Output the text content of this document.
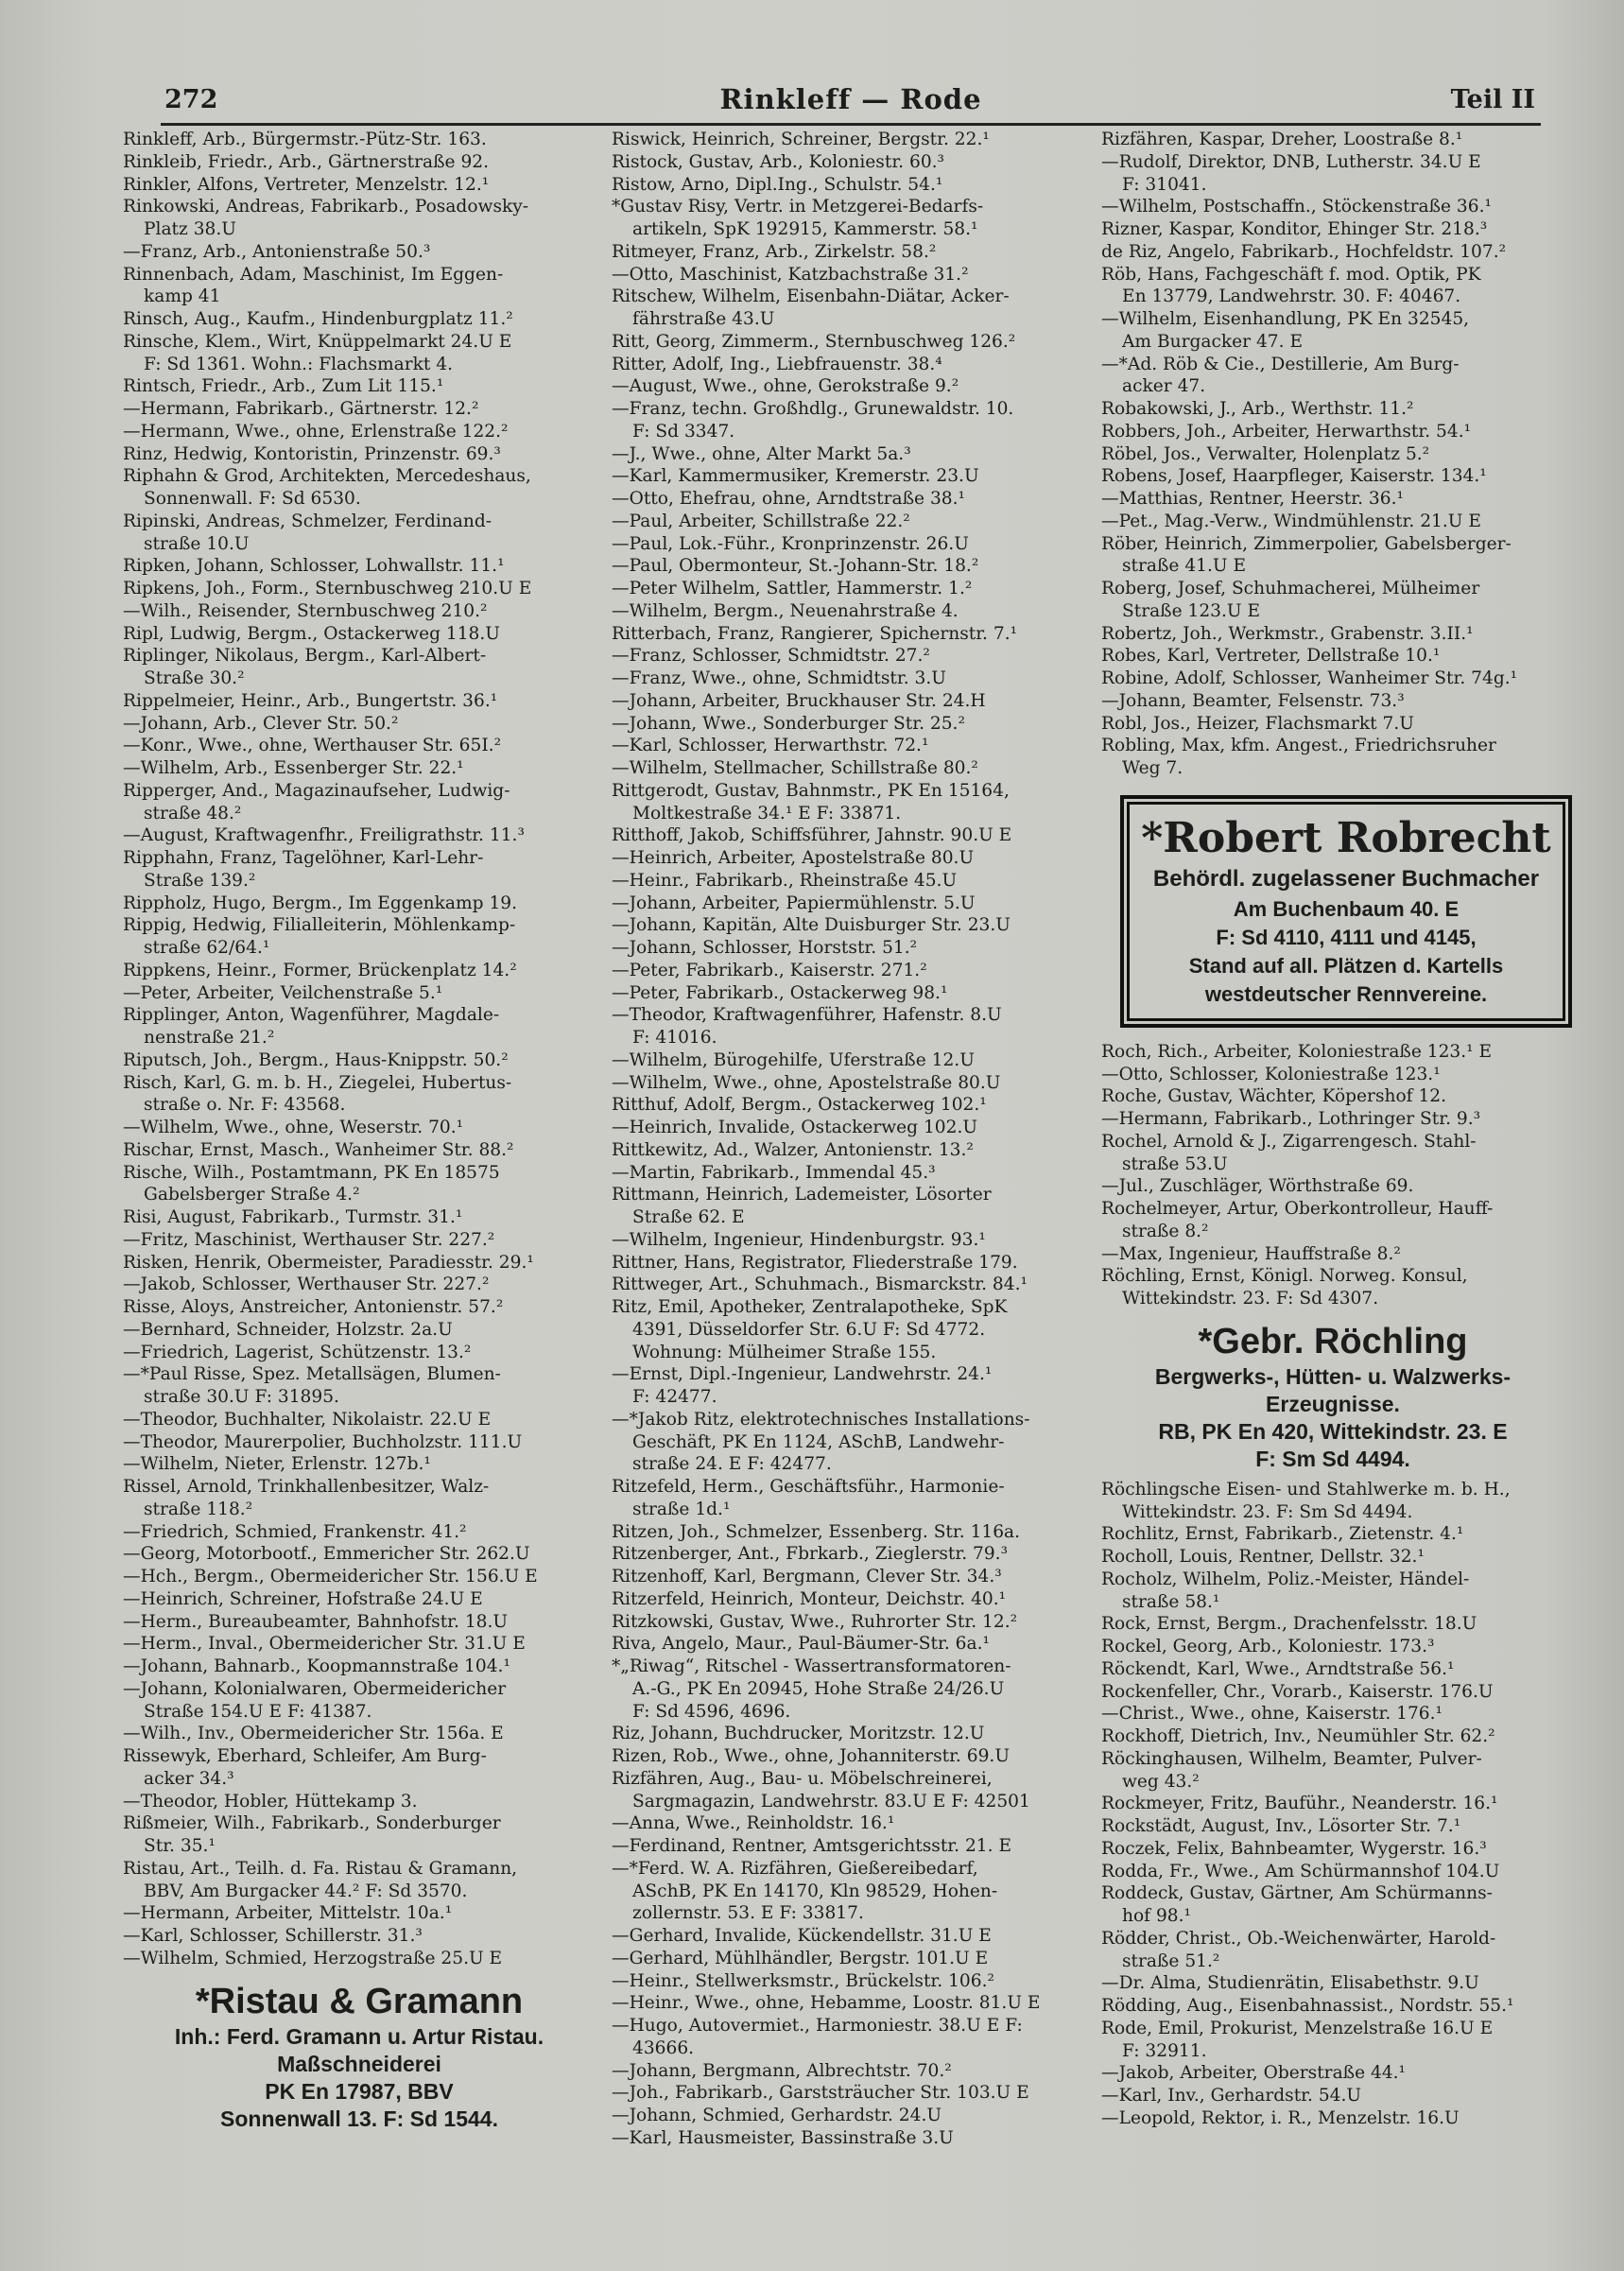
272	Rinkleff — Rode	Teil II
Rinkleff, Arb., Bürgermstr.-Pütz-Str. 163.
Rinkleib, Friedr., Arb., Gärtnerstraße 92.
Rinkler, Alfons, Vertreter, Menzelstr. 12.¹
Rinkowski, Andreas, Fabrikarb., Posadowsky-
Platz 38.U
—Franz, Arb., Antonienstraße 50.³
Rinnenbach, Adam, Maschinist, Im Eggen-
kamp 41
Rinsch, Aug., Kaufm., Hindenburgplatz 11.²
Rinsche, Klem., Wirt, Knüppelmarkt 24.U E
F: Sd 1361. Wohn.: Flachsmarkt 4.
Rintsch, Friedr., Arb., Zum Lit 115.¹
—Hermann, Fabrikarb., Gärtnerstr. 12.²
—Hermann, Wwe., ohne, Erlenstraße 122.²
Rinz, Hedwig, Kontoristin, Prinzenstr. 69.³
Riphahn & Grod, Architekten, Mercedeshaus,
Sonnenwall. F: Sd 6530.
Ripinski, Andreas, Schmelzer, Ferdinand-
straße 10.U
Ripken, Johann, Schlosser, Lohwallstr. 11.¹
Ripkens, Joh., Form., Sternbuschweg 210.U E
—Wilh., Reisender, Sternbuschweg 210.²
Ripl, Ludwig, Bergm., Ostackerweg 118.U
Riplinger, Nikolaus, Bergm., Karl-Albert-
Straße 30.²
Rippelmeier, Heinr., Arb., Bungertstr. 36.¹
—Johann, Arb., Clever Str. 50.²
—Konr., Wwe., ohne, Werthauser Str. 65I.²
—Wilhelm, Arb., Essenberger Str. 22.¹
Ripperger, And., Magazinaufseher, Ludwig-
straße 48.²
—August, Kraftwagenfhr., Freiligrathstr. 11.³
Ripphahn, Franz, Tagelöhner, Karl-Lehr-
Straße 139.²
Rippholz, Hugo, Bergm., Im Eggenkamp 19.
Rippig, Hedwig, Filialleiterin, Möhlenkamp-
straße 62/64.¹
Rippkens, Heinr., Former, Brückenplatz 14.²
—Peter, Arbeiter, Veilchenstraße 5.¹
Ripplinger, Anton, Wagenführer, Magdale-
nenstraße 21.²
Riputsch, Joh., Bergm., Haus-Knippstr. 50.²
Risch, Karl, G. m. b. H., Ziegelei, Hubertus-
straße o. Nr. F: 43568.
—Wilhelm, Wwe., ohne, Weserstr. 70.¹
Rischar, Ernst, Masch., Wanheimer Str. 88.²
Rische, Wilh., Postamtmann, PK En 18575
Gabelsberger Straße 4.²
Risi, August, Fabrikarb., Turmstr. 31.¹
—Fritz, Maschinist, Werthauser Str. 227.²
Risken, Henrik, Obermeister, Paradiesstr. 29.¹
—Jakob, Schlosser, Werthauser Str. 227.²
Risse, Aloys, Anstreicher, Antonienstr. 57.²
—Bernhard, Schneider, Holzstr. 2a.U
—Friedrich, Lagerist, Schützenstr. 13.²
—*Paul Risse, Spez. Metallsägen, Blumen-
straße 30.U F: 31895.
—Theodor, Buchhalter, Nikolaistr. 22.U E
—Theodor, Maurerpolier, Buchholzstr. 111.U
—Wilhelm, Nieter, Erlenstr. 127b.¹
Rissel, Arnold, Trinkhallenbesitzer, Walz-
straße 118.²
—Friedrich, Schmied, Frankenstr. 41.²
—Georg, Motorbootf., Emmericher Str. 262.U
—Hch., Bergm., Obermeidericher Str. 156.U E
—Heinrich, Schreiner, Hofstraße 24.U E
—Herm., Bureaubeamter, Bahnhofstr. 18.U
—Herm., Inval., Obermeidericher Str. 31.U E
—Johann, Bahnarb., Koopmannstraße 104.¹
—Johann, Kolonialwaren, Obermeidericher
Straße 154.U E F: 41387.
—Wilh., Inv., Obermeidericher Str. 156a. E
Rissewyk, Eberhard, Schleifer, Am Burg-
acker 34.³
—Theodor, Hobler, Hüttekamp 3.
Rißmeier, Wilh., Fabrikarb., Sonderburger
Str. 35.¹
Ristau, Art., Teilh. d. Fa. Ristau & Gramann,
BBV, Am Burgacker 44.² F: Sd 3570.
—Hermann, Arbeiter, Mittelstr. 10a.¹
—Karl, Schlosser, Schillerstr. 31.³
—Wilhelm, Schmied, Herzogstraße 25.U E
*Ristau & Gramann
Inh.: Ferd. Gramann u. Artur Ristau.
Maßschneiderei
PK En 17987, BBV
Sonnenwall 13. F: Sd 1544.
Riswick, Heinrich, Schreiner, Bergstr. 22.¹
Ristock, Gustav, Arb., Koloniestr. 60.³
Ristow, Arno, Dipl.Ing., Schulstr. 54.¹
*Gustav Risy, Vertr. in Metzgerei-Bedarfs-
artikeln, SpK 192915, Kammerstr. 58.¹
Ritmeyer, Franz, Arb., Zirkelstr. 58.²
—Otto, Maschinist, Katzbachstraße 31.²
Ritschew, Wilhelm, Eisenbahn-Diätar, Acker-
fährstraße 43.U
Ritt, Georg, Zimmerm., Sternbuschweg 126.²
Ritter, Adolf, Ing., Liebfrauenstr. 38.⁴
—August, Wwe., ohne, Gerokstraße 9.²
—Franz, techn. Großhdlg., Grunewaldstr. 10.
F: Sd 3347.
—J., Wwe., ohne, Alter Markt 5a.³
—Karl, Kammermusiker, Kremerstr. 23.U
—Otto, Ehefrau, ohne, Arndtstraße 38.¹
—Paul, Arbeiter, Schillstraße 22.²
—Paul, Lok.-Führ., Kronprinzenstr. 26.U
—Paul, Obermonteur, St.-Johann-Str. 18.²
—Peter Wilhelm, Sattler, Hammerstr. 1.²
—Wilhelm, Bergm., Neuenahrstraße 4.
Ritterbach, Franz, Rangierer, Spichernstr. 7.¹
—Franz, Schlosser, Schmidtstr. 27.²
—Franz, Wwe., ohne, Schmidtstr. 3.U
—Johann, Arbeiter, Bruckhauser Str. 24.H
—Johann, Wwe., Sonderburger Str. 25.²
—Karl, Schlosser, Herwarthstr. 72.¹
—Wilhelm, Stellmacher, Schillstraße 80.²
Rittgerodt, Gustav, Bahnmstr., PK En 15164,
Moltkestraße 34.¹ E F: 33871.
Ritthoff, Jakob, Schiffsführer, Jahnstr. 90.U E
—Heinrich, Arbeiter, Apostelstraße 80.U
—Heinr., Fabrikarb., Rheinstraße 45.U
—Johann, Arbeiter, Papiermühlenstr. 5.U
—Johann, Kapitän, Alte Duisburger Str. 23.U
—Johann, Schlosser, Horststr. 51.²
—Peter, Fabrikarb., Kaiserstr. 271.²
—Peter, Fabrikarb., Ostackerweg 98.¹
—Theodor, Kraftwagenführer, Hafenstr. 8.U
F: 41016.
—Wilhelm, Bürogehilfe, Uferstraße 12.U
—Wilhelm, Wwe., ohne, Apostelstraße 80.U
Ritthuf, Adolf, Bergm., Ostackerweg 102.¹
—Heinrich, Invalide, Ostackerweg 102.U
Rittkewitz, Ad., Walzer, Antonienstr. 13.²
—Martin, Fabrikarb., Immendal 45.³
Rittmann, Heinrich, Lademeister, Lösorter
Straße 62. E
—Wilhelm, Ingenieur, Hindenburgstr. 93.¹
Rittner, Hans, Registrator, Fliederstraße 179.
Rittweger, Art., Schuhmach., Bismarckstr. 84.¹
Ritz, Emil, Apotheker, Zentralapotheke, SpK
4391, Düsseldorfer Str. 6.U F: Sd 4772.
Wohnung: Mülheimer Straße 155.
—Ernst, Dipl.-Ingenieur, Landwehrstr. 24.¹
F: 42477.
—*Jakob Ritz, elektrotechnisches Installations-
Geschäft, PK En 1124, ASchB, Landwehr-
straße 24. E F: 42477.
Ritzefeld, Herm., Geschäftsführ., Harmonie-
straße 1d.¹
Ritzen, Joh., Schmelzer, Essenberg. Str. 116a.
Ritzenberger, Ant., Fbrkarb., Zieglerstr. 79.³
Ritzenhoff, Karl, Bergmann, Clever Str. 34.³
Ritzerfeld, Heinrich, Monteur, Deichstr. 40.¹
Ritzkowski, Gustav, Wwe., Ruhrorter Str. 12.²
Riva, Angelo, Maur., Paul-Bäumer-Str. 6a.¹
*„Riwag“, Ritschel - Wassertransformatoren-
A.-G., PK En 20945, Hohe Straße 24/26.U
F: Sd 4596, 4696.
Riz, Johann, Buchdrucker, Moritzstr. 12.U
Rizen, Rob., Wwe., ohne, Johanniterstr. 69.U
Rizfähren, Aug., Bau- u. Möbelschreinerei,
Sargmagazin, Landwehrstr. 83.U E F: 42501
—Anna, Wwe., Reinholdstr. 16.¹
—Ferdinand, Rentner, Amtsgerichtsstr. 21. E
—*Ferd. W. A. Rizfähren, Gießereibedarf,
ASchB, PK En 14170, Kln 98529, Hohen-
zollernstr. 53. E F: 33817.
—Gerhard, Invalide, Kückendellstr. 31.U E
—Gerhard, Mühlhändler, Bergstr. 101.U E
—Heinr., Stellwerksmstr., Brückelstr. 106.²
—Heinr., Wwe., ohne, Hebamme, Loostr. 81.U E
—Hugo, Autovermiet., Harmoniestr. 38.U E F:
43666.
—Johann, Bergmann, Albrechtstr. 70.²
—Joh., Fabrikarb., Garststräucher Str. 103.U E
—Johann, Schmied, Gerhardstr. 24.U
—Karl, Hausmeister, Bassinstraße 3.U
Rizfähren, Kaspar, Dreher, Loostraße 8.¹
—Rudolf, Direktor, DNB, Lutherstr. 34.U E
F: 31041.
—Wilhelm, Postschaffn., Stöckenstraße 36.¹
Rizner, Kaspar, Konditor, Ehinger Str. 218.³
de Riz, Angelo, Fabrikarb., Hochfeldstr. 107.²
Röb, Hans, Fachgeschäft f. mod. Optik, PK
En 13779, Landwehrstr. 30. F: 40467.
—Wilhelm, Eisenhandlung, PK En 32545,
Am Burgacker 47. E
—*Ad. Röb & Cie., Destillerie, Am Burg-
acker 47.
Robakowski, J., Arb., Werthstr. 11.²
Robbers, Joh., Arbeiter, Herwarthstr. 54.¹
Röbel, Jos., Verwalter, Holenplatz 5.²
Robens, Josef, Haarpfleger, Kaiserstr. 134.¹
—Matthias, Rentner, Heerstr. 36.¹
—Pet., Mag.-Verw., Windmühlenstr. 21.U E
Röber, Heinrich, Zimmerpolier, Gabelsberger-
straße 41.U E
Roberg, Josef, Schuhmacherei, Mülheimer
Straße 123.U E
Robertz, Joh., Werkmstr., Grabenstr. 3.II.¹
Robes, Karl, Vertreter, Dellstraße 10.¹
Robine, Adolf, Schlosser, Wanheimer Str. 74g.¹
—Johann, Beamter, Felsenstr. 73.³
Robl, Jos., Heizer, Flachsmarkt 7.U
Robling, Max, kfm. Angest., Friedrichsruher
Weg 7.
*Robert Robrecht
Behördl. zugelassener Buchmacher
Am Buchenbaum 40. E
F: Sd 4110, 4111 und 4145,
Stand auf all. Plätzen d. Kartells
westdeutscher Rennvereine.
Roch, Rich., Arbeiter, Koloniestraße 123.¹ E
—Otto, Schlosser, Koloniestraße 123.¹
Roche, Gustav, Wächter, Köpershof 12.
—Hermann, Fabrikarb., Lothringer Str. 9.³
Rochel, Arnold & J., Zigarrengesch. Stahl-
straße 53.U
—Jul., Zuschläger, Wörthstraße 69.
Rochelmeyer, Artur, Oberkontrolleur, Hauff-
straße 8.²
—Max, Ingenieur, Hauffstraße 8.²
Röchling, Ernst, Königl. Norweg. Konsul,
Wittekindstr. 23. F: Sd 4307.
*Gebr. Röchling
Bergwerks-, Hütten- u. Walzwerks-
Erzeugnisse.
RB, PK En 420, Wittekindstr. 23. E
F: Sm Sd 4494.
Röchlingsche Eisen- und Stahlwerke m. b. H.,
Wittekindstr. 23. F: Sm Sd 4494.
Rochlitz, Ernst, Fabrikarb., Zietenstr. 4.¹
Rocholl, Louis, Rentner, Dellstr. 32.¹
Rocholz, Wilhelm, Poliz.-Meister, Händel-
straße 58.¹
Rock, Ernst, Bergm., Drachenfelsstr. 18.U
Rockel, Georg, Arb., Koloniestr. 173.³
Röckendt, Karl, Wwe., Arndtstraße 56.¹
Rockenfeller, Chr., Vorarb., Kaiserstr. 176.U
—Christ., Wwe., ohne, Kaiserstr. 176.¹
Rockhoff, Dietrich, Inv., Neumühler Str. 62.²
Röckinghausen, Wilhelm, Beamter, Pulver-
weg 43.²
Rockmeyer, Fritz, Bauführ., Neanderstr. 16.¹
Rockstädt, August, Inv., Lösorter Str. 7.¹
Roczek, Felix, Bahnbeamter, Wygerstr. 16.³
Rodda, Fr., Wwe., Am Schürmannshof 104.U
Roddeck, Gustav, Gärtner, Am Schürmanns-
hof 98.¹
Rödder, Christ., Ob.-Weichenwärter, Harold-
straße 51.²
—Dr. Alma, Studienrätin, Elisabethstr. 9.U
Rödding, Aug., Eisenbahnassist., Nordstr. 55.¹
Rode, Emil, Prokurist, Menzelstraße 16.U E
F: 32911.
—Jakob, Arbeiter, Oberstraße 44.¹
—Karl, Inv., Gerhardstr. 54.U
—Leopold, Rektor, i. R., Menzelstr. 16.U
